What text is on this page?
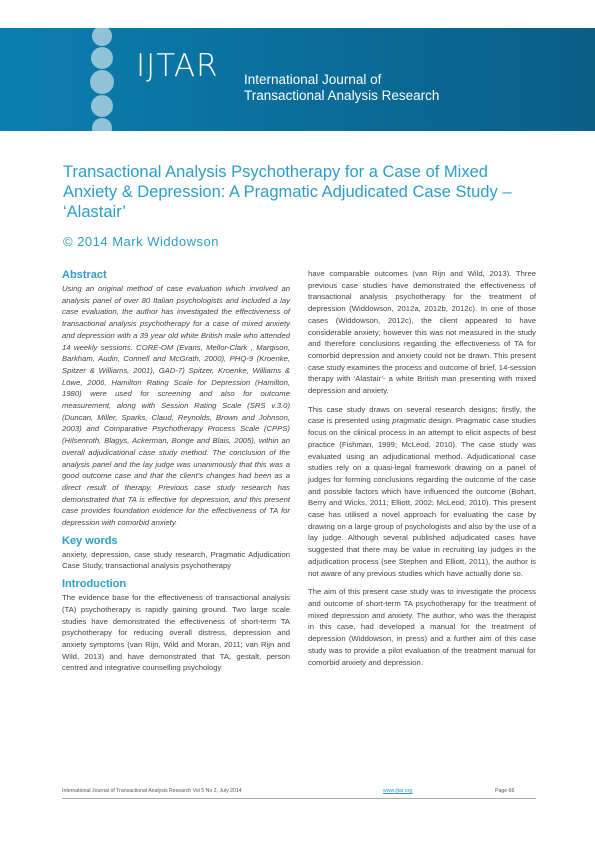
IJTAR International Journal of
Transactional Analysis Research
Transactional Analysis Psychotherapy for a Case of Mixed Anxiety & Depression: A Pragmatic Adjudicated Case Study – ‘Alastair’
© 2014 Mark Widdowson
Abstract

Using an original method of case evaluation which involved an analysis panel of over 80 Italian psychologists and included a lay case evaluation, the author has investigated the effectiveness of transactional analysis psychotherapy for a case of mixed anxiety and depression with a 39 year old white British male who attended 14 weekly sessions. CORE-OM (Evans, Mellor-Clark , Margison, Barkham, Audin, Connell and McGrath, 2000), PHQ-9 (Kroenke, Spitzer & Williams, 2001), GAD-7) Spitzer, Kroenke, Williams & Löwe, 2006, Hamilton Rating Scale for Depression (Hamilton, 1980) were used for screening and also for outcome measurement, along with Session Rating Scale (SRS v.3.0) (Duncan, Miller, Sparks, Claud, Reynolds, Brown and Johnson, 2003) and Comparative Psychotherapy Process Scale (CPPS) (Hilsenroth, Blagys, Ackerman, Bonge and Blais, 2005), within an overall adjudicational case study method. The conclusion of the analysis panel and the lay judge was unanimously that this was a good outcome case and that the client’s changes had been as a direct result of therapy. Previous case study research has demonstrated that TA is effective for depression, and this present case provides foundation evidence for the effectiveness of TA for depression with comorbid anxiety.

Key words

anxiety, depression, case study research, Pragmatic Adjudication Case Study, transactional analysis psychotherapy

Introduction

The evidence base for the effectiveness of transactional analysis (TA) psychotherapy is rapidly gaining ground. Two large scale studies have demonstrated the effectiveness of short-term TA psychotherapy for reducing overall distress, depression and anxiety symptoms (van Rijn, Wild and Moran, 2011; van Rijn and Wild, 2013) and have demonstrated that TA, gestalt, person centred and integrative counselling psychology

have comparable outcomes (van Rijn and Wild, 2013). Three previous case studies have demonstrated the effectiveness of transactional analysis psychotherapy for the treatment of depression (Widdowson, 2012a, 2012b, 2012c). In one of those cases (Widdowson, 2012c), the client appeared to have considerable anxiety; however this was not measured in the study and therefore conclusions regarding the effectiveness of TA for comorbid depression and anxiety could not be drawn. This present case study examines the process and outcome of brief, 14-session therapy with ‘Alastair’- a white British man presenting with mixed depression and anxiety.

This case study draws on several research designs; firstly, the case is presented using pragmatic design. Pragmatic case studies focus on the clinical process in an attempt to elicit aspects of best practice (Fishman, 1999; McLeod, 2010). The case study was evaluated using an adjudicational method. Adjudicational case studies rely on a quasi-legal framework drawing on a panel of judges for forming conclusions regarding the outcome of the case and possible factors which have influenced the outcome (Bohart, Berry and Wicks, 2011; Elliott, 2002; McLeod, 2010). This present case has utilised a novel approach for evaluating the case by drawing on a large group of psychologists and also by the use of a lay judge. Although several published adjudicated cases have suggested that there may be value in recruiting lay judges in the adjudication process (see Stephen and Elliott, 2011), the author is not aware of any previous studies which have actually done so.

The aim of this present case study was to investigate the process and outcome of short-term TA psychotherapy for the treatment of mixed depression and anxiety. The author, who was the therapist in this case, had developed a manual for the treatment of depression (Widdowson, in press) and a further aim of this case study was to provide a pilot evaluation of the treatment manual for comorbid anxiety and depression.

International Journal of Transactional Analysis Research Vol 5 No 2, July 2014	www.ijtar.org	Page 66
